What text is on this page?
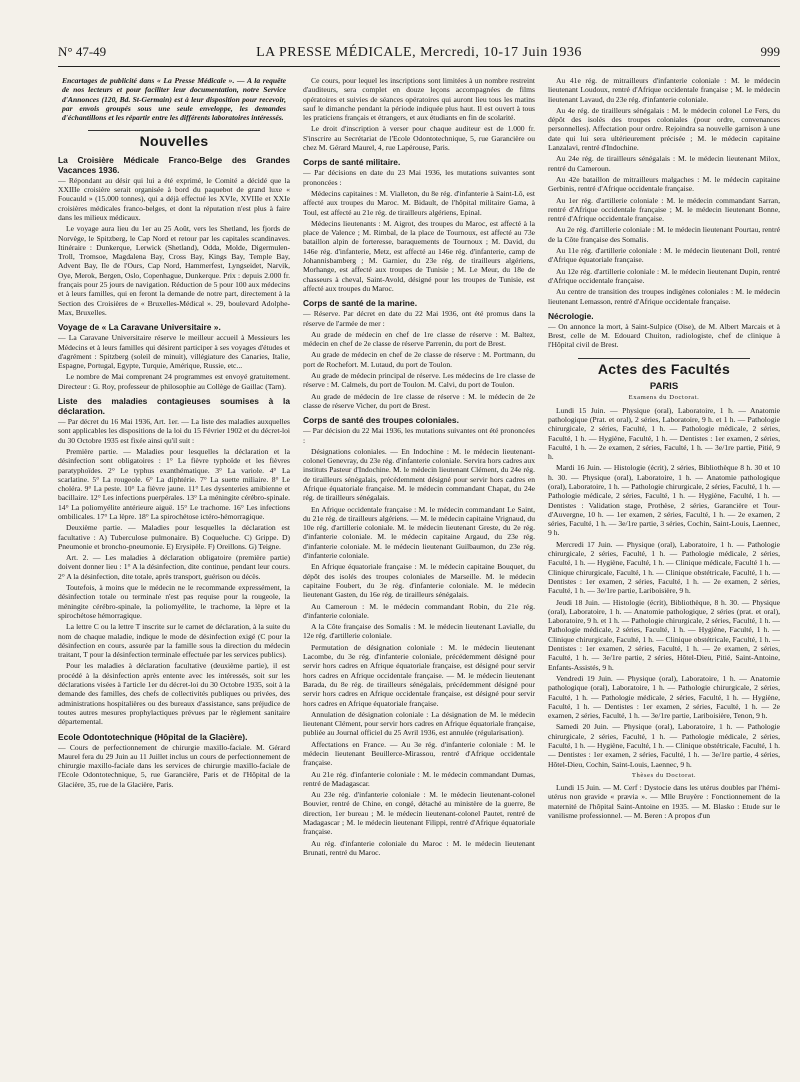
N° 47-49	LA PRESSE MÉDICALE, Mercredi, 10-17 Juin 1936	999
Encartages de publicité dans « La Presse Médicale ». — A la requête de nos lecteurs et pour faciliter leur documentation, notre Service d'Annonces (120, Bd. St-Germain) est à leur disposition pour recevoir, par envois groupés sous une seule enveloppe, les demandes d'échantillons et les répartir entre les différents laboratoires intéressés.
Nouvelles
La Croisière Médicale Franco-Belge des Grandes Vacances 1936.

— Répondant au désir qui lui a été exprimé, le Comité a décidé que la XXIIIe croisière serait organisée à bord du paquebot de grand luxe « Foucauld » (15.000 tonnes), qui a déjà effectué les XVIe, XVIIIe et XXIe croisières médicales franco-belges, et dont la réputation n'est plus à faire dans les milieux médicaux.

Le voyage aura lieu du 1er au 25 Août, vers les Shetland, les fjords de Norvège, le Spitzberg, le Cap Nord et retour par les capitales scandinaves. Itinéraire : Dunkerque, Lerwick (Shetland), Odda, Molde, Digermulen-Troll, Tromsoe, Magdalena Bay, Cross Bay, Kings Bay, Temple Bay, Advent Bay, Ile de l'Ours, Cap Nord, Hammerfest, Lyngseidet, Narvik, Oye, Merok, Bergen, Oslo, Copenhague, Dunkerque. Prix : depuis 2.000 fr. français pour 25 jours de navigation. Réduction de 5 pour 100 aux médecins et à leurs familles, qui en feront la demande de notre part, directement à la Section des Croisières de « Bruxelles-Médical ». 29, boulevard Adolphe-Max, Bruxelles.

Voyage de « La Caravane Universitaire ».

— La Caravane Universitaire réserve le meilleur accueil à Messieurs les Médecins et à leurs familles qui désirent participer à ses voyages d'études et d'agrément : Spitzberg (soleil de minuit), villégiature des Canaries, Italie, Espagne, Portugal, Egypte, Turquie, Amérique, Russie, etc...

Le nombre de Mai comprenant 24 programmes est envoyé gratuitement. Directeur : G. Roy, professeur de philosophie au Collège de Gaillac (Tarn).

Liste des maladies contagieuses soumises à la déclaration.

— Par décret du 16 Mai 1936, Art. 1er. — La liste des maladies auxquelles sont applicables les dispositions de la loi du 15 Février 1902 et du décret-loi du 30 Octobre 1935 est fixée ainsi qu'il suit :

Première partie. — Maladies pour lesquelles la déclaration et la désinfection sont obligatoires : 1° La fièvre typhoïde et les fièvres paratyphoïdes. 2° Le typhus exanthématique. 3° La variole. 4° La scarlatine. 5° La rougeole. 6° La diphtérie. 7° La suette miliaire. 8° Le choléra. 9° La peste. 10° La fièvre jaune. 11° Les dysenteries amibienne et bacillaire. 12° Les infections puerpérales. 13° La méningite cérébro-spinale. 14° La poliomyélite antérieure aiguë. 15° Le trachome. 16° Les infections ombilicales. 17° La lèpre. 18° La spirochétose ictéro-hémorragique.

Deuxième partie. — Maladies pour lesquelles la déclaration est facultative : A) Tuberculose pulmonaire. B) Coqueluche. C) Grippe. D) Pneumonie et broncho-pneumonie. E) Erysipèle. F) Oreillons. G) Teigne.

Art. 2. — Les maladies à déclaration obligatoire (première partie) doivent donner lieu : 1° A la désinfection, dite continue, pendant leur cours. 2° A la désinfection, dite totale, après transport, guérison ou décès.

Toutefois, à moins que le médecin ne le recommande expressément, la désinfection totale ou terminale n'est pas requise pour la rougeole, la méningite cérébro-spinale, la poliomyélite, le trachome, la lèpre et la spirochétose hémorragique.

La lettre C ou la lettre T inscrite sur le carnet de déclaration, à la suite du nom de chaque maladie, indique le mode de désinfection exigé (C pour la désinfection en cours, assurée par la famille sous la direction du médecin traitant, T pour la désinfection terminale effectuée par les services publics).

Pour les maladies à déclaration facultative (deuxième partie), il est procédé à la désinfection après entente avec les intéressés, soit sur les déclarations visées à l'article 1er du décret-loi du 30 Octobre 1935, soit à la demande des familles, des chefs de collectivités publiques ou privées, des administrations hospitalières ou des bureaux d'assistance, sans préjudice de toutes autres mesures prophylactiques prévues par le règlement sanitaire départemental.

Ecole Odontotechnique (Hôpital de la Glacière).

— Cours de perfectionnement de chirurgie maxillo-faciale. M. Gérard Maurel fera du 29 Juin au 11 Juillet inclus un cours de perfectionnement de chirurgie maxillo-faciale dans les services de chirurgie maxillo-faciale de l'Ecole Odontotechnique, 5, rue Garancière, Paris et de l'Hôpital de la Glacière, 35, rue de la Glacière, Paris.

Ce cours, pour lequel les inscriptions sont limitées à un nombre restreint d'auditeurs, sera complet en douze leçons accompagnées de films opératoires et suivies de séances opératoires qui auront lieu tous les matins sauf le dimanche pendant la période indiquée plus haut. Il est ouvert à tous les praticiens français et étrangers, et aux étudiants en fin de scolarité.

Le droit d'inscription à verser pour chaque auditeur est de 1.000 fr. S'inscrire au Secrétariat de l'Ecole Odontotechnique, 5, rue Garancière ou chez M. Gérard Maurel, 4, rue Lapérouse, Paris.

Corps de santé militaire.

— Par décisions en date du 23 Mai 1936, les mutations suivantes sont prononcées :

Médecins capitaines : M. Vialleton, du 8e rég. d'infanterie à Saint-Lô, est affecté aux troupes du Maroc. M. Bidault, de l'hôpital militaire Gama, à Toul, est affecté au 21e rég. de tirailleurs algériens, Epinal.

Médecins lieutenants : M. Aigrot, des troupes du Maroc, est affecté à la place de Valence ; M. Rimbal, de la place de Tournoux, est affecté au 73e bataillon alpin de forteresse, baraquements de Tournoux ; M. David, du 146e rég. d'infanterie, Metz, est affecté au 146e rég. d'infanterie, camp de Johannisbamberg ; M. Garnier, du 23e rég. de tirailleurs algériens, Morhange, est affecté aux troupes de Tunisie ; M. Le Meur, du 18e de chasseurs à cheval, Saint-Avold, désigné pour les troupes de Tunisie, est affecté aux troupes du Maroc.

Corps de santé de la marine.

— Réserve. Par décret en date du 22 Mai 1936, ont été promus dans la réserve de l'armée de mer :

Au grade de médecin en chef de 1re classe de réserve : M. Baltez, médecin en chef de 2e classe de réserve Parrenin, du port de Brest.

Au grade de médecin en chef de 2e classe de réserve : M. Portmann, du port de Rochefort. M. Lutaud, du port de Toulon.

Au grade de médecin principal de réserve. Les médecins de 1re classe de réserve : M. Calmels, du port de Toulon. M. Calvi, du port de Toulon.

Au grade de médecin de 1re classe de réserve : M. le médecin de 2e classe de réserve Vicher, du port de Brest.

Corps de santé des troupes coloniales.

— Par décision du 22 Mai 1936, les mutations suivantes ont été prononcées :

Désignations coloniales. — En Indochine : M. le médecin lieutenant-colonel Genevray, du 23e rég. d'infanterie coloniale. Servira hors cadres aux instituts Pasteur d'Indochine. M. le médecin lieutenant Clément, du 24e rég. de tirailleurs sénégalais, précédemment désigné pour servir hors cadres en Afrique équatoriale française. M. le médecin commandant Chapat, du 24e rég. de tirailleurs sénégalais.

En Afrique occidentale française : M. le médecin commandant Le Saint, du 21e rég. de tirailleurs algériens. — M. le médecin capitaine Vrignaud, du 10e rég. d'artillerie coloniale. M. le médecin lieutenant Greste, du 2e rég. d'infanterie coloniale. M. le médecin capitaine Argaud, du 23e rég. d'infanterie coloniale. M. le médecin lieutenant Guilbaumon, du 23e rég. d'infanterie coloniale.

En Afrique équatoriale française : M. le médecin capitaine Bouquet, du dépôt des isolés des troupes coloniales de Marseille. M. le médecin capitaine Foubert, du 3e rég. d'infanterie coloniale. M. le médecin lieutenant Gasten, du 16e rég. de tirailleurs sénégalais.

Au Cameroun : M. le médecin commandant Robin, du 21e rég. d'infanterie coloniale.

A la Côte française des Somalis : M. le médecin lieutenant Lavialle, du 12e rég. d'artillerie coloniale.

Permutation de désignation coloniale : M. le médecin lieutenant Lacombe, du 3e rég. d'infanterie coloniale, précédemment désigné pour servir hors cadres en Afrique équatoriale française, est désigné pour servir hors cadres en Afrique occidentale française. — M. le médecin lieutenant Barada, du 8e rég. de tirailleurs sénégalais, précédemment désigné pour servir hors cadres en Afrique occidentale française, est désigné pour servir hors cadres en Afrique équatoriale française.

Annulation de désignation coloniale : La désignation de M. le médecin lieutenant Clément, pour servir hors cadres en Afrique équatoriale française, publiée au Journal officiel du 25 Avril 1936, est annulée (régularisation).

Affectations en France. — Au 3e rég. d'infanterie coloniale : M. le médecin lieutenant Beuillerce-Mirassou, rentré d'Afrique occidentale française.

Au 21e rég. d'infanterie coloniale : M. le médecin commandant Dumas, rentré de Madagascar.

Au 23e rég. d'infanterie coloniale : M. le médecin lieutenant-colonel Bouvier, rentré de Chine, en congé, détaché au ministère de la guerre, 8e direction, 1er bureau ; M. le médecin lieutenant-colonel Pautet, rentré de Madagascar ; M. le médecin lieutenant Filippi, rentré d'Afrique équatoriale française.

Au rég. d'infanterie coloniale du Maroc : M. le médecin lieutenant Brunati, rentré du Maroc.

Au 41e rég. de mitrailleurs d'infanterie coloniale : M. le médecin lieutenant Loudoux, rentré d'Afrique occidentale française ; M. le médecin lieutenant Lavaud, du 23e rég. d'infanterie coloniale.

Au 4e rég. de tirailleurs sénégalais : M. le médecin colonel Le Fers, du dépôt des isolés des troupes coloniales (pour ordre, convenances personnelles). Affectation pour ordre. Rejoindra sa nouvelle garnison à une date qui lui sera ultérieurement précisée ; M. le médecin capitaine Lanzalavi, rentré d'Indochine.

Au 24e rég. de tirailleurs sénégalais : M. le médecin lieutenant Milox, rentré du Cameroun.

Au 42e bataillon de mitrailleurs malgaches : M. le médecin capitaine Gerbinis, rentré d'Afrique occidentale française.

Au 1er rég. d'artillerie coloniale : M. le médecin commandant Sarran, rentré d'Afrique occidentale française ; M. le médecin lieutenant Bonne, rentré d'Afrique occidentale française.

Au 2e rég. d'artillerie coloniale : M. le médecin lieutenant Pourtau, rentré de la Côte française des Somalis.

Au 11e rég. d'artillerie coloniale : M. le médecin lieutenant Doll, rentré d'Afrique équatoriale française.

Au 12e rég. d'artillerie coloniale : M. le médecin lieutenant Dupin, rentré d'Afrique occidentale française.

Au centre de transition des troupes indigènes coloniales : M. le médecin lieutenant Lemasson, rentré d'Afrique occidentale française.

Nécrologie.

— On annonce la mort, à Saint-Sulpice (Oise), de M. Albert Marcais et à Brest, celle de M. Edouard Chuiton, radiologiste, chef de clinique à l'Hôpital civil de Brest.

Actes des Facultés
PARIS
Examens du Doctorat.

Lundi 15 Juin. — Physique (oral), Laboratoire, 1 h. — Anatomie pathologique (Prat. et oral), 2 séries, Laboratoire, 9 h. et 1 h. — Pathologie chirurgicale, 2 séries, Faculté, 1 h. — Pathologie médicale, 2 séries, Faculté, 1 h. — Hygiène, Faculté, 1 h. — Dentistes : 1er examen, 2 séries, Faculté, 1 h. — 2e examen, 2 séries, Faculté, 1 h. — 3e/1re partie, Pitié, 9 h.

Mardi 16 Juin. — Histologie (écrit), 2 séries, Bibliothèque 8 h. 30 et 10 h. 30. — Physique (oral), Laboratoire, 1 h. — Anatomie pathologique (oral), Laboratoire, 1 h. — Pathologie chirurgicale, 2 séries, Faculté, 1 h. — Pathologie médicale, 2 séries, Faculté, 1 h. — Hygiène, Faculté, 1 h. — Dentistes : Validation stage, Prothèse, 2 séries, Garancière et Tour-d'Auvergne, 10 h. — 1er examen, 2 séries, Faculté, 1 h. — 2e examen, 2 séries, Faculté, 1 h. — 3e/1re partie, 3 séries, Cochin, Saint-Louis, Laennec, 9 h.

Mercredi 17 Juin. — Physique (oral), Laboratoire, 1 h. — Pathologie chirurgicale, 2 séries, Faculté, 1 h. — Pathologie médicale, 2 séries, Faculté, 1 h. — Hygiène, Faculté, 1 h. — Clinique médicale, Faculté 1 h. — Clinique chirurgicale, Faculté, 1 h. — Clinique obstétricale, Faculté, 1 h. — Dentistes : 1er examen, 2 séries, Faculté, 1 h. — 2e examen, 2 séries, Faculté, 1 h. — 3e/1re partie, Lariboisière, 9 h.

Jeudi 18 Juin. — Histologie (écrit), Bibliothèque, 8 h. 30. — Physique (oral), Laboratoire, 1 h. — Anatomie pathologique, 2 séries (prat. et oral), Laboratoire, 9 h. et 1 h. — Pathologie chirurgicale, 2 séries, Faculté, 1 h. — Pathologie médicale, 2 séries, Faculté, 1 h. — Hygiène, Faculté, 1 h. — Clinique chirurgicale, Faculté, 1 h. — Clinique obstétricale, Faculté, 1 h. — Dentistes : 1er examen, 2 séries, Faculté, 1 h. — 2e examen, 2 séries, Faculté, 1 h. — 3e/1re partie, 2 séries, Hôtel-Dieu, Pitié, Saint-Antoine, Enfants-Assistés, 9 h.

Vendredi 19 Juin. — Physique (oral), Laboratoire, 1 h. — Anatomie pathologique (oral), Laboratoire, 1 h. — Pathologie chirurgicale, 2 séries, Faculté, 1 h. — Pathologie médicale, 2 séries, Faculté, 1 h. — Hygiène, Faculté, 1 h. — Dentistes : 1er examen, 2 séries, Faculté, 1 h. — 2e examen, 2 séries, Faculté, 1 h. — 3e/1re partie, Lariboisière, Tenon, 9 h.

Samedi 20 Juin. — Physique (oral), Laboratoire, 1 h. — Pathologie chirurgicale, 2 séries, Faculté, 1 h. — Pathologie médicale, 2 séries, Faculté, 1 h. — Hygiène, Faculté, 1 h. — Clinique obstétricale, Faculté, 1 h. — Dentistes : 1er examen, 2 séries, Faculté, 1 h. — 3e/1re partie, 4 séries, Hôtel-Dieu, Cochin, Saint-Louis, Laennec, 9 h.

Thèses du Doctorat.

Lundi 15 Juin. — M. Cerf : Dystocie dans les utérus doubles par l'hémi-utérus non gravide « prævia ». — Mlle Bruyère : Fonctionnement de la maternité de l'hôpital Saint-Antoine en 1935. — M. Blasko : Etude sur le vanilisme professionnel. — M. Beren : A propos d'un
